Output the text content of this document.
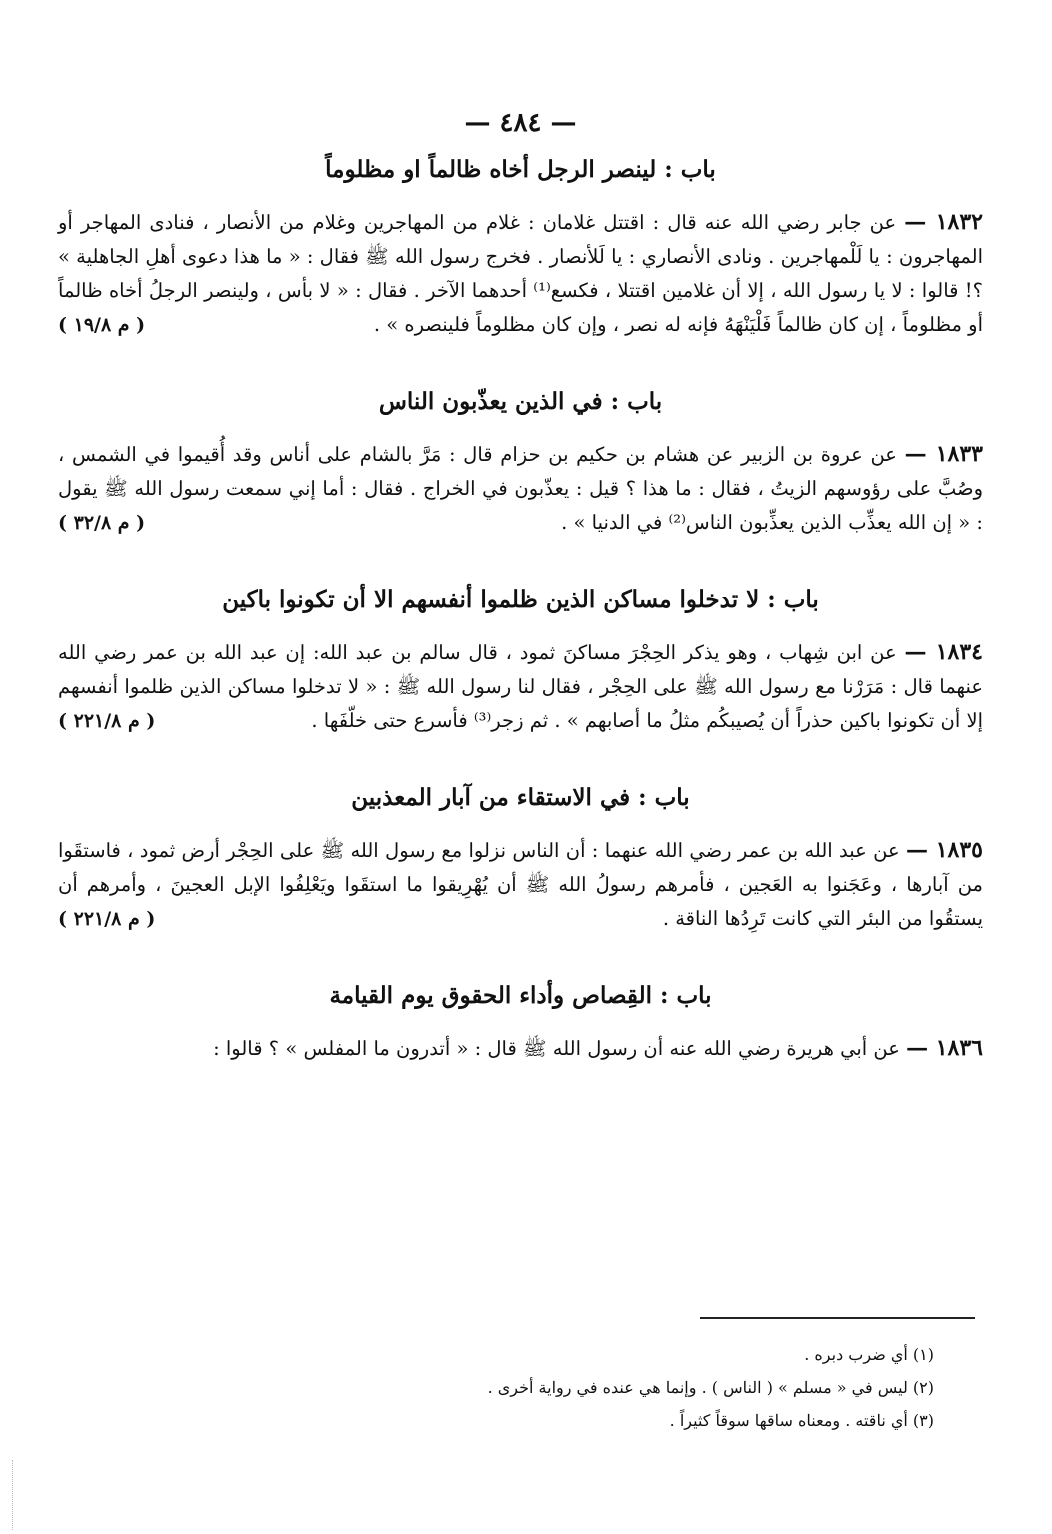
— ٤٨٤ —
باب : لينصر الرجل أخاه ظالماً او مظلوماً

١٨٣٢ — عن جابر رضي الله عنه قال : اقتتل غلامان : غلام من المهاجرين وغلام من الأنصار ، فنادى المهاجر أو المهاجرون : يا لَلْمهاجرين . ونادى الأنصاري : يا لَلأنصار . فخرج رسول الله ﷺ فقال : « ما هذا دعوى أهلِ الجاهلية » ؟! قالوا : لا يا رسول الله ، إلا أن غلامين اقتتلا ، فكسع⁽¹⁾ أحدهما الآخر . فقال : « لا بأس ، ولينصر الرجلُ أخاه ظالماً أو مظلوماً ، إن كان ظالماً فَلْيَنْهَهُ فإنه له نصر ، وإن كان مظلوماً فلينصره » .

( م ١٩/٨ )
باب : في الذين يعذّبون الناس

١٨٣٣ — عن عروة بن الزبير عن هشام بن حكيم بن حزام قال : مَرَّ بالشام على أناس وقد أُقيموا في الشمس ، وصُبَّ على رؤوسهم الزيتُ ، فقال : ما هذا ؟ قيل : يعذّبون في الخراج . فقال : أما إني سمعت رسول الله ﷺ يقول : « إن الله يعذِّب الذين يعذِّبون الناس⁽²⁾ في الدنيا » .

( م ٣٢/٨ )
باب : لا تدخلوا مساكن الذين ظلموا أنفسهم الا أن تكونوا باكين

١٨٣٤ — عن ابن شِهاب ، وهو يذكر الحِجْرَ مساكنَ ثمود ، قال سالم بن عبد الله: إن عبد الله بن عمر رضي الله عنهما قال : مَرَرْنا مع رسول الله ﷺ على الحِجْر ، فقال لنا رسول الله ﷺ : « لا تدخلوا مساكن الذين ظلموا أنفسهم إلا أن تكونوا باكين حذراً أن يُصيبكُم مثلُ ما أصابهم » . ثم زجر⁽³⁾ فأسرع حتى خلّفَها .

( م ٢٢١/٨ )
باب : في الاستقاء من آبار المعذبين

١٨٣٥ — عن عبد الله بن عمر رضي الله عنهما : أن الناس نزلوا مع رسول الله ﷺ على الحِجْر أرض ثمود ، فاستقَوا من آبارها ، وعَجَنوا به العَجين ، فأمرهم رسولُ الله ﷺ أن يُهْرِيقوا ما استقَوا ويَعْلِفُوا الإبل العجينَ ، وأمرهم أن يستقُوا من البئر التي كانت تَرِدُها الناقة .

( م ٢٢١/٨ )
باب : القِصاص وأداء الحقوق يوم القيامة

١٨٣٦ — عن أبي هريرة رضي الله عنه أن رسول الله ﷺ قال : « أتدرون ما المفلس » ؟ قالوا :

(١) أي ضرب دبره .

(٢) ليس في « مسلم » ( الناس ) . وإنما هي عنده في رواية أخرى .

(٣) أي ناقته . ومعناه ساقها سوقاً كثيراً .
